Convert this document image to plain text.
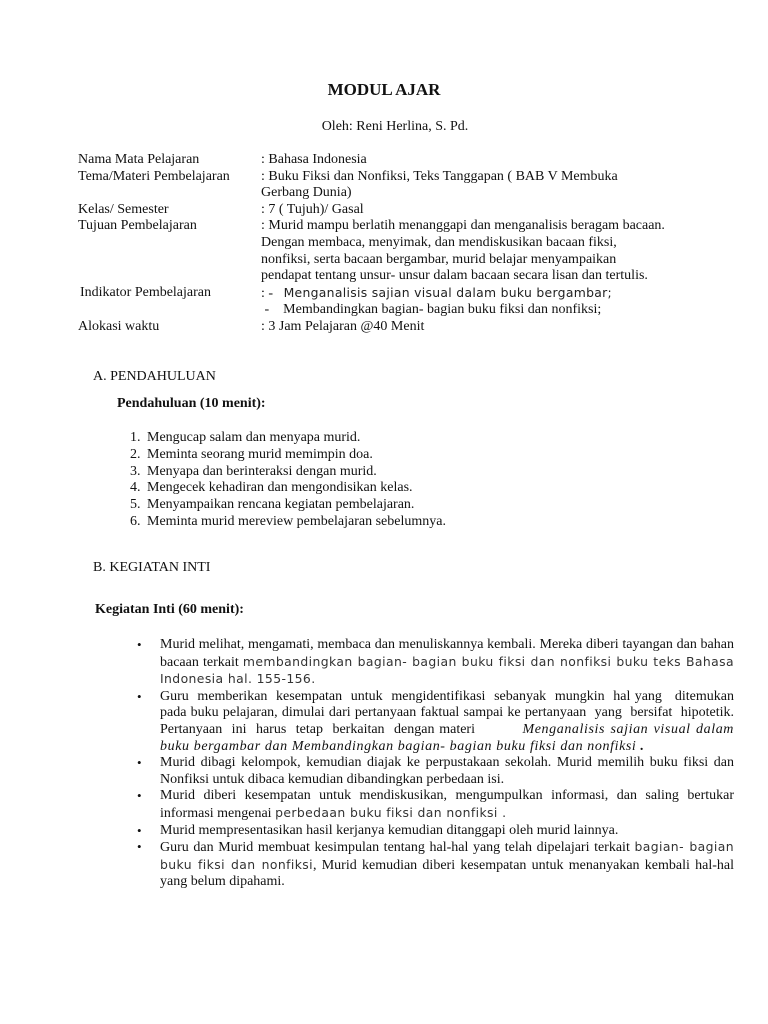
MODUL AJAR
Oleh: Reni Herlina, S. Pd.
Nama Mata Pelajaran	: Bahasa Indonesia
Tema/Materi Pembelajaran	: Buku Fiksi dan Nonfiksi, Teks Tanggapan ( BAB V Membuka
Gerbang Dunia)
Kelas/ Semester	: 7 ( Tujuh)/ Gasal
Tujuan Pembelajaran	: Murid mampu berlatih menanggapi dan menganalisis beragam bacaan.
Dengan membaca, menyimak, dan mendiskusikan bacaan fiksi,
nonfiksi, serta bacaan bergambar, murid belajar menyampaikan
pendapat tentang unsur- unsur dalam bacaan secara lisan dan tertulis.
Indikator Pembelajaran	: -   Menganalisis sajian visual dalam buku bergambar;
-    Membandingkan bagian- bagian buku fiksi dan nonfiksi;
Alokasi waktu	: 3 Jam Pelajaran @40 Menit
A. PENDAHULUAN
Pendahuluan (10 menit):
1. Mengucap salam dan menyapa murid.
2. Meminta seorang murid memimpin doa.
3. Menyapa dan berinteraksi dengan murid.
4. Mengecek kehadiran dan mengondisikan kelas.
5. Menyampaikan rencana kegiatan pembelajaran.
6. Meminta murid mereview pembelajaran sebelumnya.
B. KEGIATAN INTI
Kegiatan Inti (60 menit):
• Murid melihat, mengamati, membaca dan menuliskannya kembali. Mereka diberi tayangan dan bahan bacaan terkait membandingkan bagian- bagian buku fiksi dan nonfiksi buku teks Bahasa Indonesia hal. 155-156.
• Guru  memberikan  kesempatan  untuk  mengidentifikasi  sebanyak  mungkin  hal yang   ditemukan pada buku pelajaran, dimulai dari pertanyaan faktual sampai ke pertanyaan  yang  bersifat  hipotetik.  Pertanyaan  ini  harus  tetap  berkaitan  dengan materi          Menganalisis sajian visual dalam buku bergambar dan Membandingkan bagian- bagian buku fiksi dan nonfiksi .
• Murid dibagi kelompok, kemudian diajak ke perpustakaan sekolah. Murid memilih buku fiksi dan Nonfiksi untuk dibaca kemudian dibandingkan perbedaan isi.
• Murid diberi kesempatan untuk mendiskusikan, mengumpulkan informasi, dan saling bertukar informasi mengenai perbedaan buku fiksi dan nonfiksi .
• Murid mempresentasikan hasil kerjanya kemudian ditanggapi oleh murid lainnya.
• Guru dan Murid membuat kesimpulan tentang hal-hal yang telah dipelajari terkait bagian- bagian buku fiksi dan nonfiksi, Murid kemudian diberi kesempatan untuk menanyakan kembali hal-hal yang belum dipahami.
